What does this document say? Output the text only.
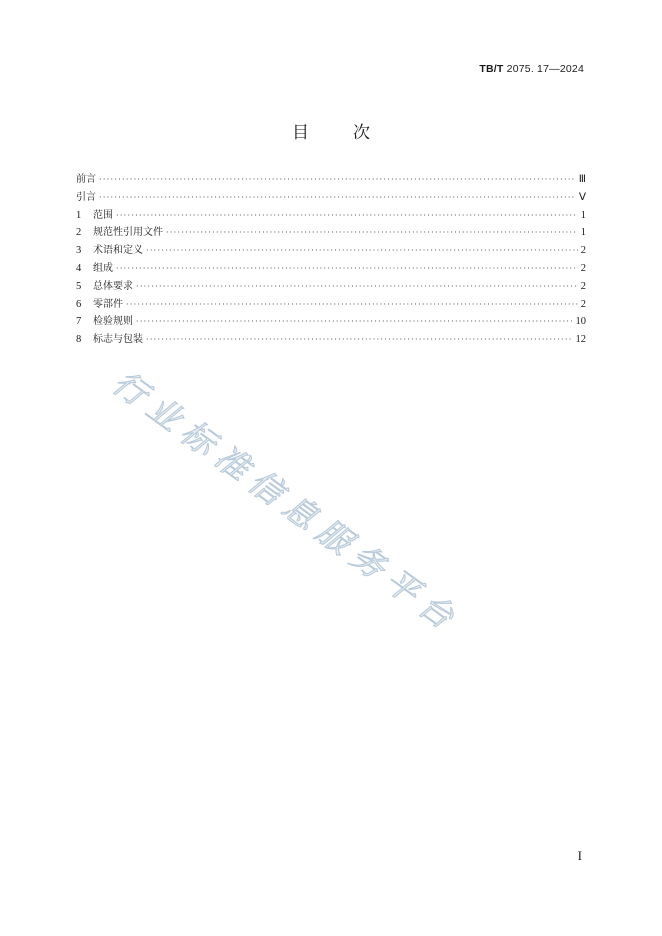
TB/T 2075. 17—2024
目次
前言 ·····	Ⅲ
引言 ·····	Ⅴ
1	范围 ·····	1
2	规范性引用文件 ·····	1
3	术语和定义 ·····	2
4	组成 ·····	2
5	总体要求 ·····	2
6	零部件 ·····	2
7	检验规则 ·····	10
8	标志与包装 ·····	12
行业标准信息服务平台
I
